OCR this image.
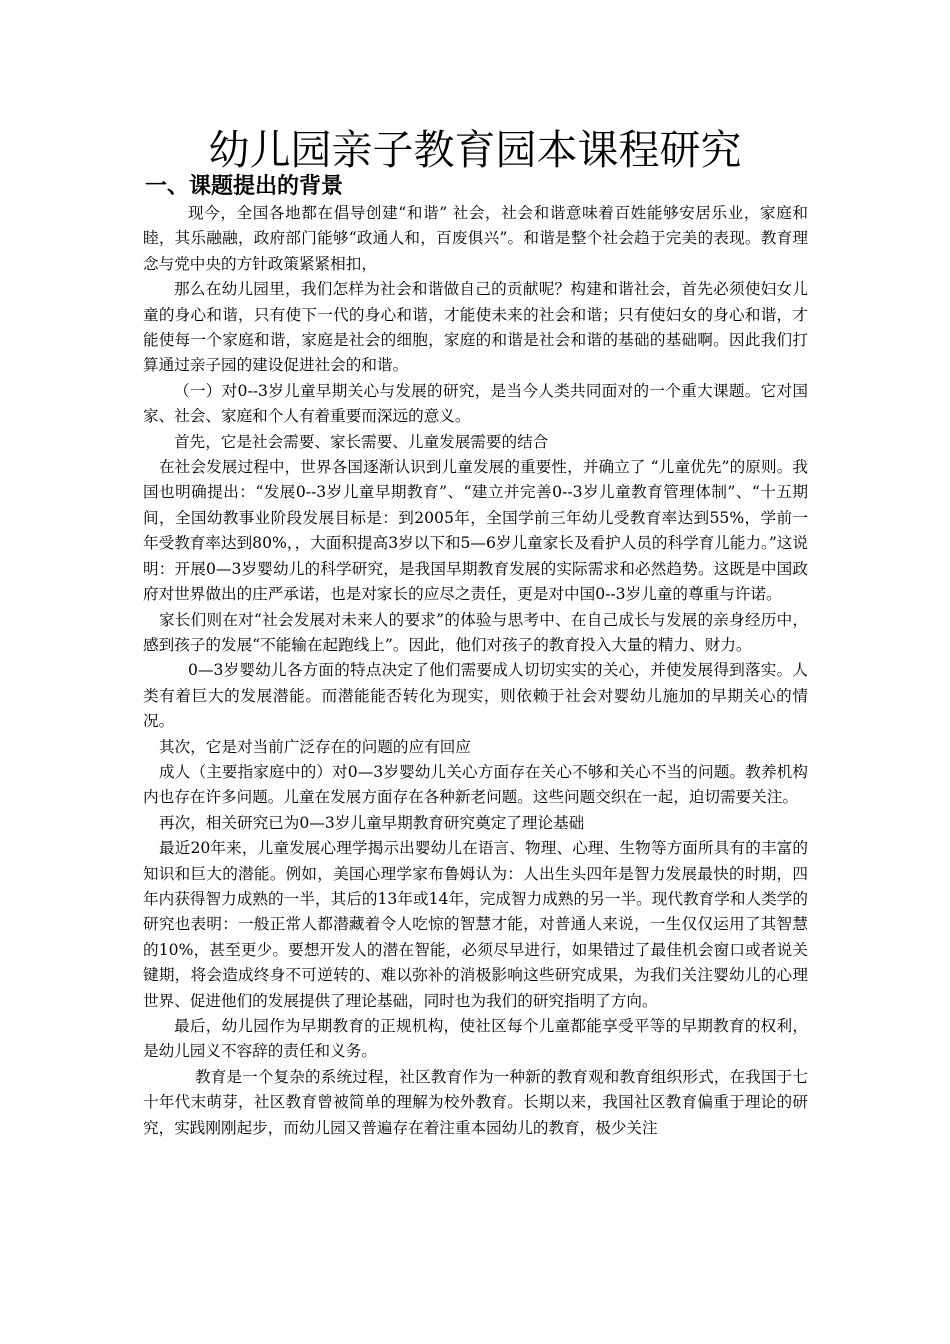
幼儿园亲子教育园本课程研究
一、课题提出的背景

现今，全国各地都在倡导创建“和谐” 社会，社会和谐意味着百姓能够安居乐业，家庭和睦，其乐融融，政府部门能够“政通人和，百废俱兴”。和谐是整个社会趋于完美的表现。教育理念与党中央的方针政策紧紧相扣，

那么在幼儿园里，我们怎样为社会和谐做自己的贡献呢？构建和谐社会，首先必须使妇女儿童的身心和谐，只有使下一代的身心和谐，才能使未来的社会和谐；只有使妇女的身心和谐，才能使每一个家庭和谐，家庭是社会的细胞，家庭的和谐是社会和谐的基础的基础啊。因此我们打算通过亲子园的建设促进社会的和谐。

（一）对0--3岁儿童早期关心与发展的研究，是当今人类共同面对的一个重大课题。它对国家、社会、家庭和个人有着重要而深远的意义。

首先，它是社会需要、家长需要、儿童发展需要的结合

在社会发展过程中，世界各国逐渐认识到儿童发展的重要性，并确立了 “儿童优先”的原则。我国也明确提出：“发展0--3岁儿童早期教育”、“建立并完善0--3岁儿童教育管理体制”、“十五期间，全国幼教事业阶段发展目标是：到2005年，全国学前三年幼儿受教育率达到55%，学前一年受教育率达到80%，，大面积提高3岁以下和5—6岁儿童家长及看护人员的科学育儿能力。”这说明：开展0—3岁婴幼儿的科学研究，是我国早期教育发展的实际需求和必然趋势。这既是中国政府对世界做出的庄严承诺，也是对家长的应尽之责任，更是对中国0--3岁儿童的尊重与许诺。

家长们则在对“社会发展对未来人的要求”的体验与思考中、在自己成长与发展的亲身经历中，感到孩子的发展“不能输在起跑线上”。因此，他们对孩子的教育投入大量的精力、财力。

0—3岁婴幼儿各方面的特点决定了他们需要成人切切实实的关心，并使发展得到落实。人类有着巨大的发展潜能。而潜能能否转化为现实，则依赖于社会对婴幼儿施加的早期关心的情况。

其次，它是对当前广泛存在的问题的应有回应

成人（主要指家庭中的）对0—3岁婴幼儿关心方面存在关心不够和关心不当的问题。教养机构内也存在许多问题。儿童在发展方面存在各种新老问题。这些问题交织在一起，迫切需要关注。

再次，相关研究已为0—3岁儿童早期教育研究奠定了理论基础

最近20年来，儿童发展心理学揭示出婴幼儿在语言、物理、心理、生物等方面所具有的丰富的知识和巨大的潜能。例如，美国心理学家布鲁姆认为：人出生头四年是智力发展最快的时期，四年内获得智力成熟的一半，其后的13年或14年，完成智力成熟的另一半。现代教育学和人类学的研究也表明：一般正常人都潜藏着令人吃惊的智慧才能，对普通人来说，一生仅仅运用了其智慧的10%，甚至更少。要想开发人的潜在智能，必须尽早进行，如果错过了最佳机会窗口或者说关键期，将会造成终身不可逆转的、难以弥补的消极影响这些研究成果，为我们关注婴幼儿的心理世界、促进他们的发展提供了理论基础，同时也为我们的研究指明了方向。

最后，幼儿园作为早期教育的正规机构，使社区每个儿童都能享受平等的早期教育的权利，是幼儿园义不容辞的责任和义务。

教育是一个复杂的系统过程，社区教育作为一种新的教育观和教育组织形式，在我国于七十年代末萌芽，社区教育曾被简单的理解为校外教育。长期以来，我国社区教育偏重于理论的研究，实践刚刚起步，而幼儿园又普遍存在着注重本园幼儿的教育，极少关注
